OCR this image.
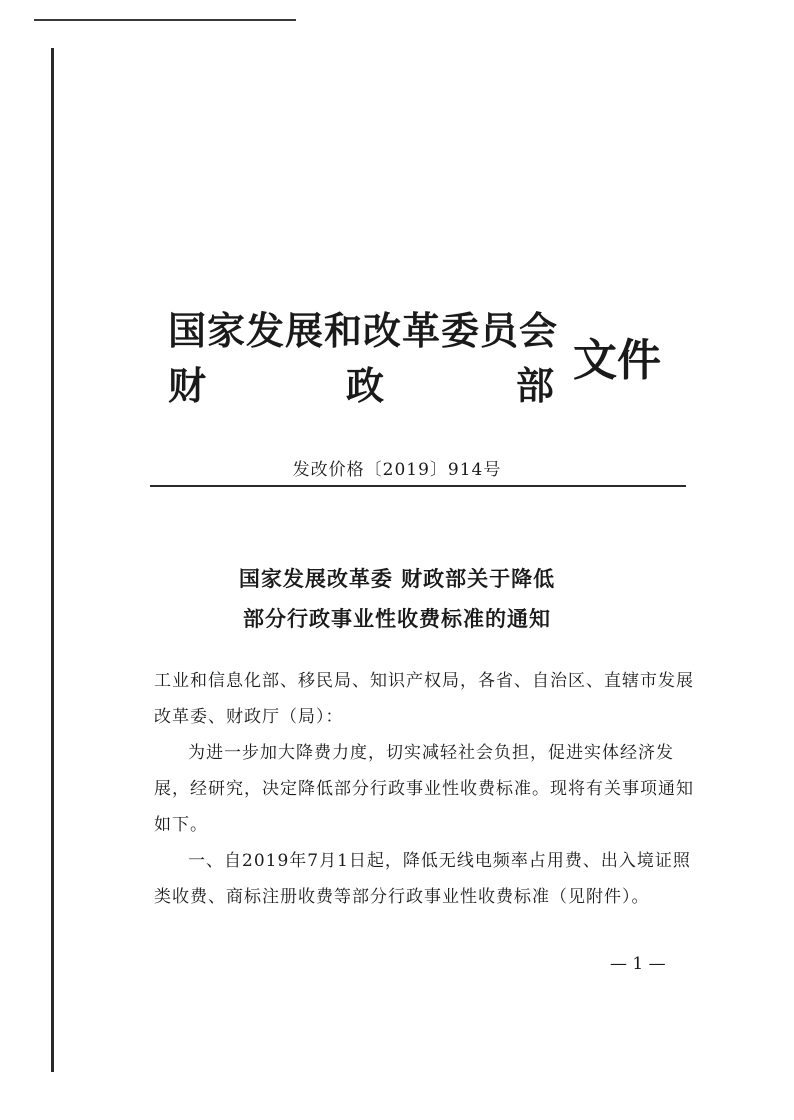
国家发展和改革委员会
财	政	部 文件
发改价格〔2019〕914号
国家发展改革委 财政部关于降低
部分行政事业性收费标准的通知

工业和信息化部、移民局、知识产权局，各省、自治区、直辖市发展改革委、财政厅（局）：

为进一步加大降费力度，切实减轻社会负担，促进实体经济发展，经研究，决定降低部分行政事业性收费标准。现将有关事项通知如下。

一、自2019年7月1日起，降低无线电频率占用费、出入境证照类收费、商标注册收费等部分行政事业性收费标准（见附件）。

— 1 —
